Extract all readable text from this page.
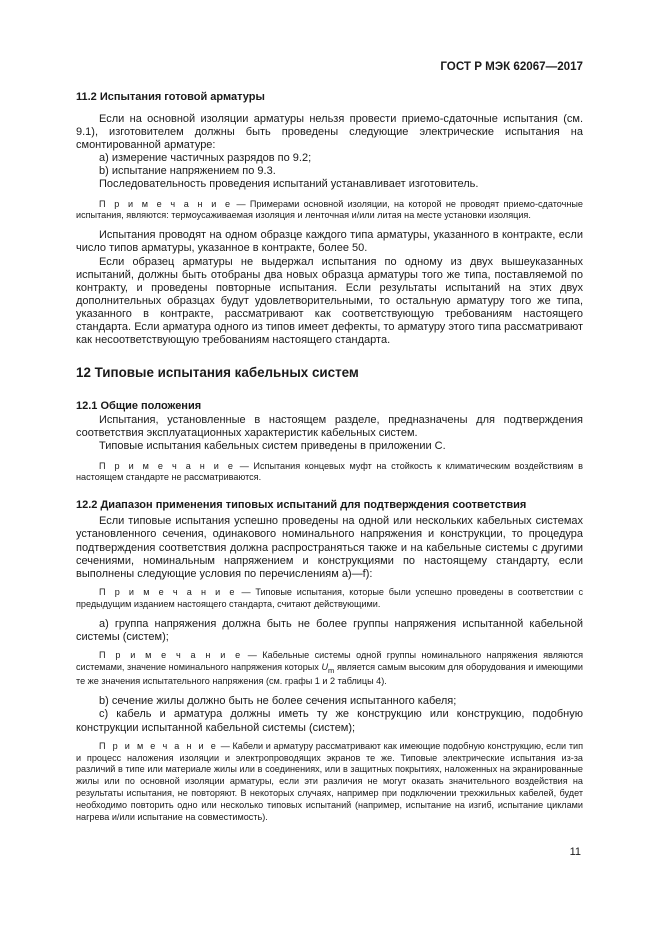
ГОСТ Р МЭК 62067—2017
11.2 Испытания готовой арматуры

Если на основной изоляции арматуры нельзя провести приемо-сдаточные испытания (см. 9.1), изготовителем должны быть проведены следующие электрические испытания на смонтированной арматуре:

a) измерение частичных разрядов по 9.2;

b) испытание напряжением по 9.3.

Последовательность проведения испытаний устанавливает изготовитель.

П р и м е ч а н и е — Примерами основной изоляции, на которой не проводят приемо-сдаточные испытания, являются: термоусаживаемая изоляция и ленточная и/или литая на месте установки изоляция.

Испытания проводят на одном образце каждого типа арматуры, указанного в контракте, если число типов арматуры, указанное в контракте, более 50.

Если образец арматуры не выдержал испытания по одному из двух вышеуказанных испытаний, должны быть отобраны два новых образца арматуры того же типа, поставляемой по контракту, и проведены повторные испытания. Если результаты испытаний на этих двух дополнительных образцах будут удовлетворительными, то остальную арматуру того же типа, указанного в контракте, рассматривают как соответствующую требованиям настоящего стандарта. Если арматура одного из типов имеет дефекты, то арматуру этого типа рассматривают как несоответствующую требованиям настоящего стандарта.

12 Типовые испытания кабельных систем
12.1 Общие положения

Испытания, установленные в настоящем разделе, предназначены для подтверждения соответствия эксплуатационных характеристик кабельных систем.

Типовые испытания кабельных систем приведены в приложении С.

П р и м е ч а н и е — Испытания концевых муфт на стойкость к климатическим воздействиям в настоящем стандарте не рассматриваются.

12.2 Диапазон применения типовых испытаний для подтверждения соответствия

Если типовые испытания успешно проведены на одной или нескольких кабельных системах установленного сечения, одинакового номинального напряжения и конструкции, то процедура подтверждения соответствия должна распространяться также и на кабельные системы с другими сечениями, номинальным напряжением и конструкциями по настоящему стандарту, если выполнены следующие условия по перечислениям a)—f):

П р и м е ч а н и е — Типовые испытания, которые были успешно проведены в соответствии с предыдущим изданием настоящего стандарта, считают действующими.

a) группа напряжения должна быть не более группы напряжения испытанной кабельной системы (систем);

П р и м е ч а н и е — Кабельные системы одной группы номинального напряжения являются системами, значение номинального напряжения которых $U_m$ является самым высоким для оборудования и имеющими те же значения испытательного напряжения (см. графы 1 и 2 таблицы 4).

b) сечение жилы должно быть не более сечения испытанного кабеля;

c) кабель и арматура должны иметь ту же конструкцию или конструкцию, подобную конструкции испытанной кабельной системы (систем);

П р и м е ч а н и е — Кабели и арматуру рассматривают как имеющие подобную конструкцию, если тип и процесс наложения изоляции и электропроводящих экранов те же. Типовые электрические испытания из-за различий в типе или материале жилы или в соединениях, или в защитных покрытиях, наложенных на экранированные жилы или по основной изоляции арматуры, если эти различия не могут оказать значительного воздействия на результаты испытания, не повторяют. В некоторых случаях, например при подключении трехжильных кабелей, будет необходимо повторить одно или несколько типовых испытаний (например, испытание на изгиб, испытание циклами нагрева и/или испытание на совместимость).

11
